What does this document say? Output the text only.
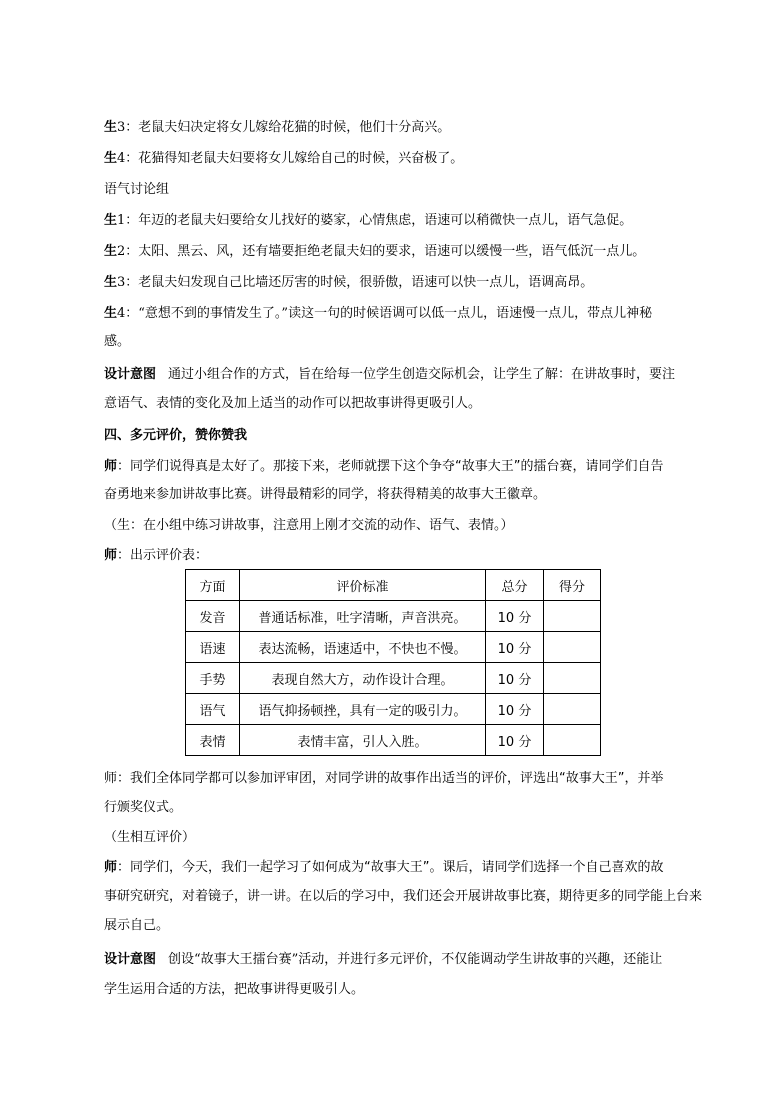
生3：老鼠夫妇决定将女儿嫁给花猫的时候，他们十分高兴。
生4：花猫得知老鼠夫妇要将女儿嫁给自己的时候，兴奋极了。
语气讨论组
生1：年迈的老鼠夫妇要给女儿找好的婆家，心情焦虑，语速可以稍微快一点儿，语气急促。
生2：太阳、黑云、风，还有墙要拒绝老鼠夫妇的要求，语速可以缓慢一些，语气低沉一点儿。
生3：老鼠夫妇发现自己比墙还厉害的时候，很骄傲，语速可以快一点儿，语调高昂。
生4：“意想不到的事情发生了。”读这一句的时候语调可以低一点儿，语速慢一点儿，带点儿神秘
感。
设计意图 通过小组合作的方式，旨在给每一位学生创造交际机会，让学生了解：在讲故事时，要注
意语气、表情的变化及加上适当的动作可以把故事讲得更吸引人。
四、多元评价，赞你赞我
师：同学们说得真是太好了。那接下来，老师就摆下这个争夺“故事大王”的擂台赛，请同学们自告
奋勇地来参加讲故事比赛。讲得最精彩的同学，将获得精美的故事大王徽章。
（生：在小组中练习讲故事，注意用上刚才交流的动作、语气、表情。）
师：出示评价表：
方面	评价标准	总分	得分
发音	普通话标准，吐字清晰，声音洪亮。	10 分	
语速	表达流畅，语速适中，不快也不慢。	10 分	
手势	表现自然大方，动作设计合理。	10 分	
语气	语气抑扬顿挫，具有一定的吸引力。	10 分	
表情	表情丰富，引人入胜。	10 分	
师：我们全体同学都可以参加评审团，对同学讲的故事作出适当的评价，评选出“故事大王”，并举
行颁奖仪式。
（生相互评价）
师：同学们，今天，我们一起学习了如何成为“故事大王”。课后，请同学们选择一个自己喜欢的故
事研究研究，对着镜子，讲一讲。在以后的学习中，我们还会开展讲故事比赛，期待更多的同学能上台来
展示自己。
设计意图 创设“故事大王擂台赛”活动，并进行多元评价，不仅能调动学生讲故事的兴趣，还能让
学生运用合适的方法，把故事讲得更吸引人。
